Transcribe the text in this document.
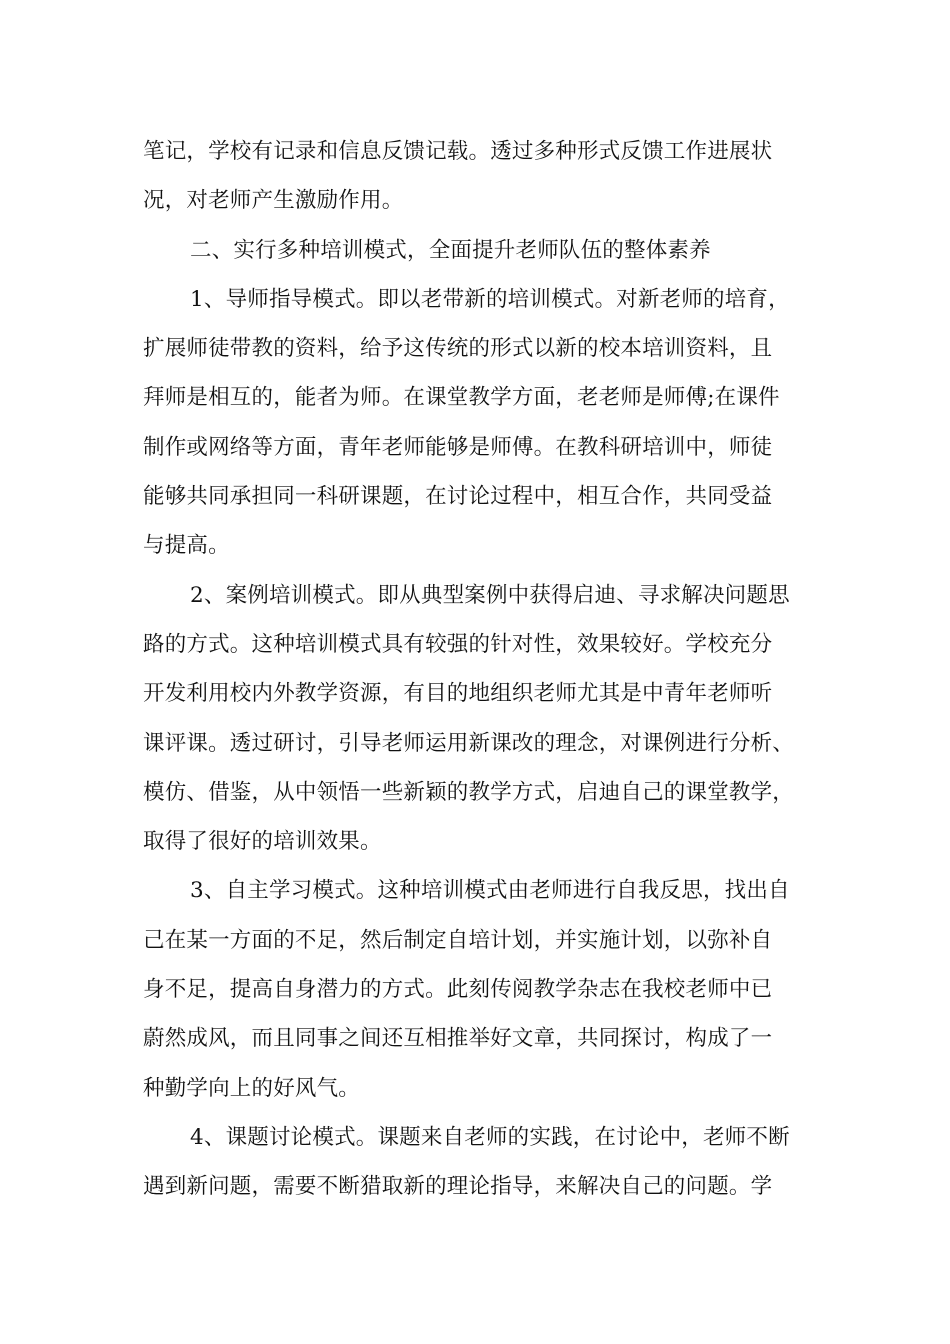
笔记，学校有记录和信息反馈记载。透过多种形式反馈工作进展状
况，对老师产生激励作用。
二、实行多种培训模式，全面提升老师队伍的整体素养
1、导师指导模式。即以老带新的培训模式。对新老师的培育，
扩展师徒带教的资料，给予这传统的形式以新的校本培训资料，且
拜师是相互的，能者为师。在课堂教学方面，老老师是师傅;在课件
制作或网络等方面，青年老师能够是师傅。在教科研培训中，师徒
能够共同承担同一科研课题，在讨论过程中，相互合作，共同受益
与提高。
2、案例培训模式。即从典型案例中获得启迪、寻求解决问题思
路的方式。这种培训模式具有较强的针对性，效果较好。学校充分
开发利用校内外教学资源，有目的地组织老师尤其是中青年老师听
课评课。透过研讨，引导老师运用新课改的理念，对课例进行分析、
模仿、借鉴，从中领悟一些新颖的教学方式，启迪自己的课堂教学，
取得了很好的培训效果。
3、自主学习模式。这种培训模式由老师进行自我反思，找出自
己在某一方面的不足，然后制定自培计划，并实施计划，以弥补自
身不足，提高自身潜力的方式。此刻传阅教学杂志在我校老师中已
蔚然成风，而且同事之间还互相推举好文章，共同探讨，构成了一
种勤学向上的好风气。
4、课题讨论模式。课题来自老师的实践，在讨论中，老师不断
遇到新问题，需要不断猎取新的理论指导，来解决自己的问题。学
